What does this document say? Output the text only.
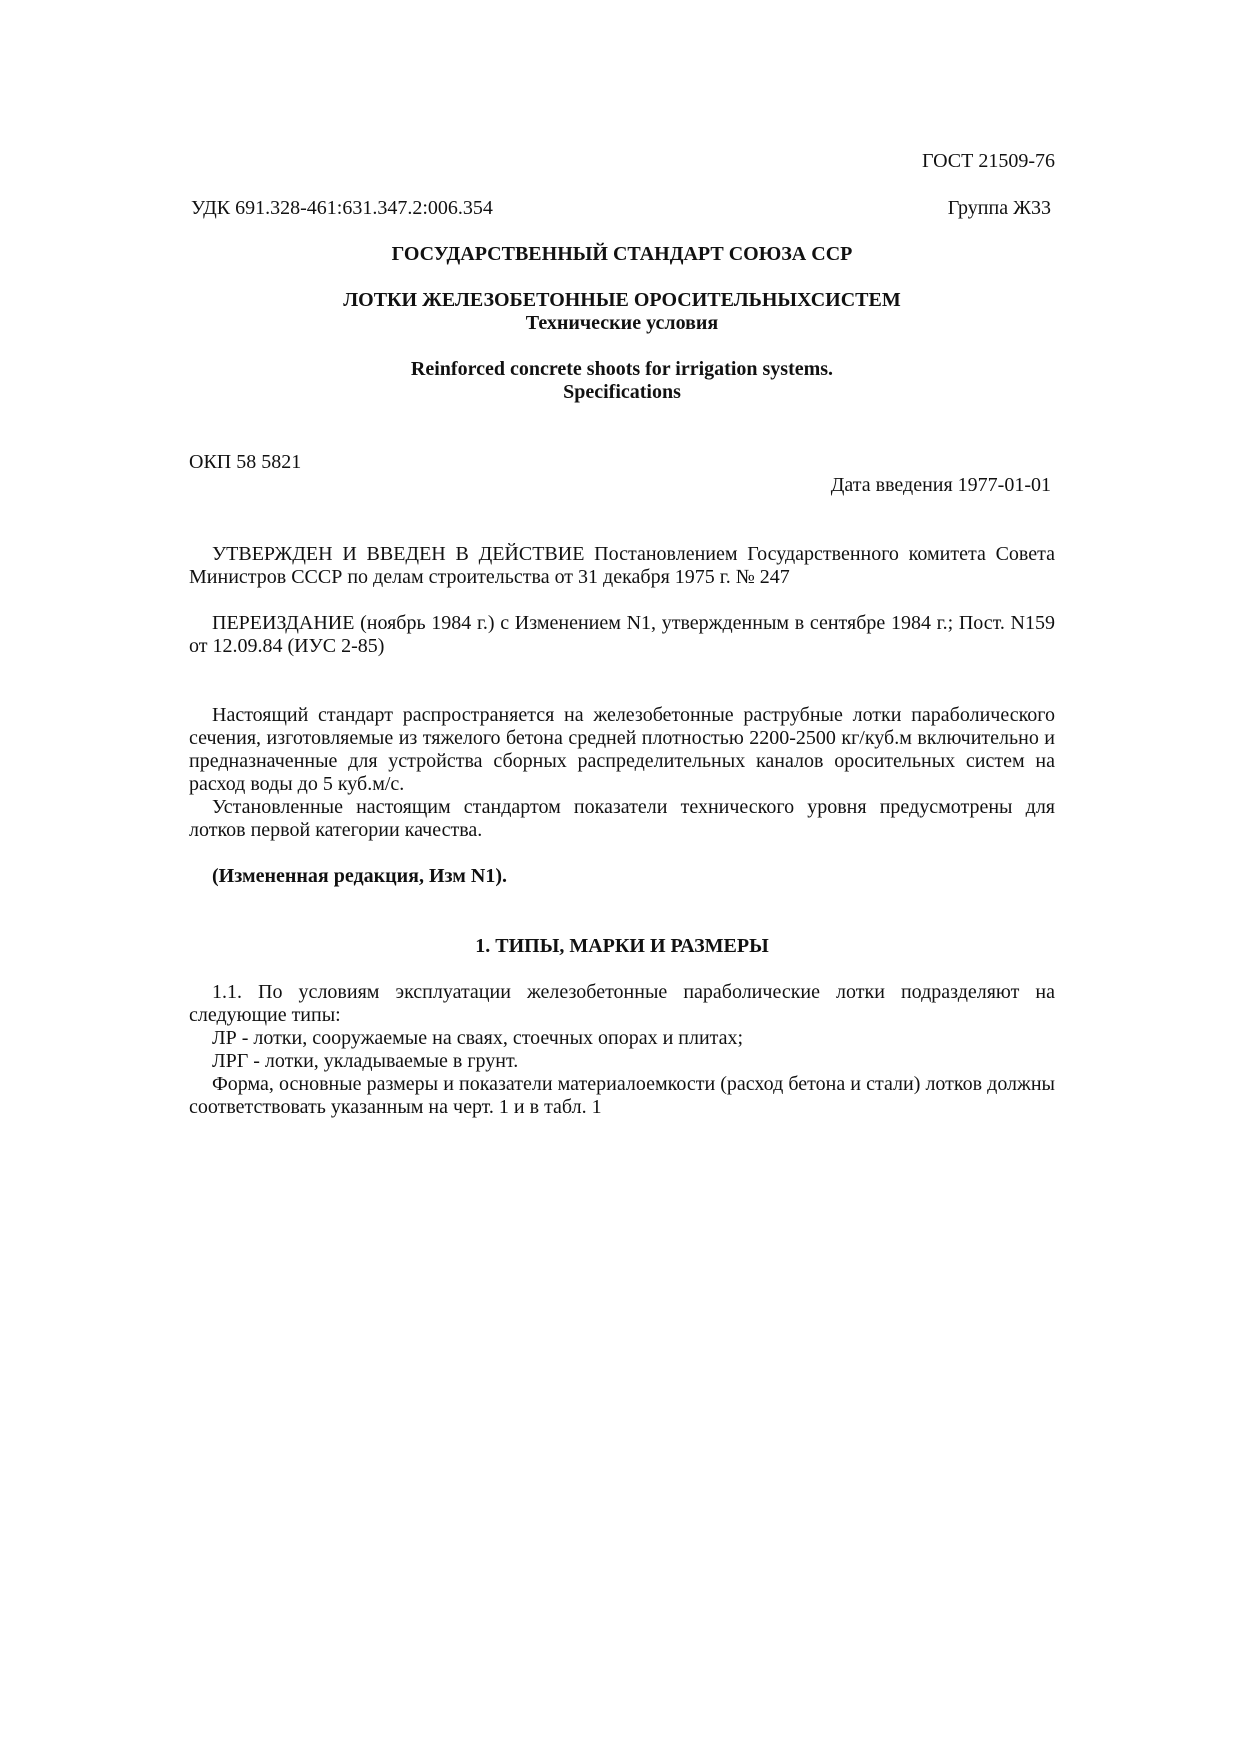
ГОСТ 21509-76
УДК 691.328-461:631.347.2:006.354	Группа Ж33
ГОСУДАРСТВЕННЫЙ СТАНДАРТ СОЮЗА ССР
ЛОТКИ ЖЕЛЕЗОБЕТОННЫЕ ОРОСИТЕЛЬНЫХСИСТЕМ
Технические условия
Reinforced concrete shoots for irrigation systems.
Specifications
ОКП 58 5821
Дата введения 1977-01-01

УТВЕРЖДЕН И ВВЕДЕН В ДЕЙСТВИЕ Постановлением Государственного комитета Совета Министров СССР по делам строительства от 31 декабря 1975 г. № 247

ПЕРЕИЗДАНИЕ (ноябрь 1984 г.) с Изменением N1, утвержденным в сентябре 1984 г.; Пост. N159 от 12.09.84 (ИУС 2-85)

Настоящий стандарт распространяется на железобетонные раструбные лотки параболического сечения, изготовляемые из тяжелого бетона средней плотностью 2200-2500 кг/куб.м включительно и предназначенные для устройства сборных распределительных каналов оросительных систем на расход воды до 5 куб.м/с.

Установленные настоящим стандартом показатели технического уровня предусмотрены для лотков первой категории качества.

(Измененная редакция, Изм N1).

1. ТИПЫ, МАРКИ И РАЗМЕРЫ

1.1. По условиям эксплуатации железобетонные параболические лотки подразделяют на следующие типы:

ЛР - лотки, сооружаемые на сваях, стоечных опорах и плитах;

ЛРГ - лотки, укладываемые в грунт.

Форма, основные размеры и показатели материалоемкости (расход бетона и стали) лотков должны соответствовать указанным на черт. 1 и в табл. 1
